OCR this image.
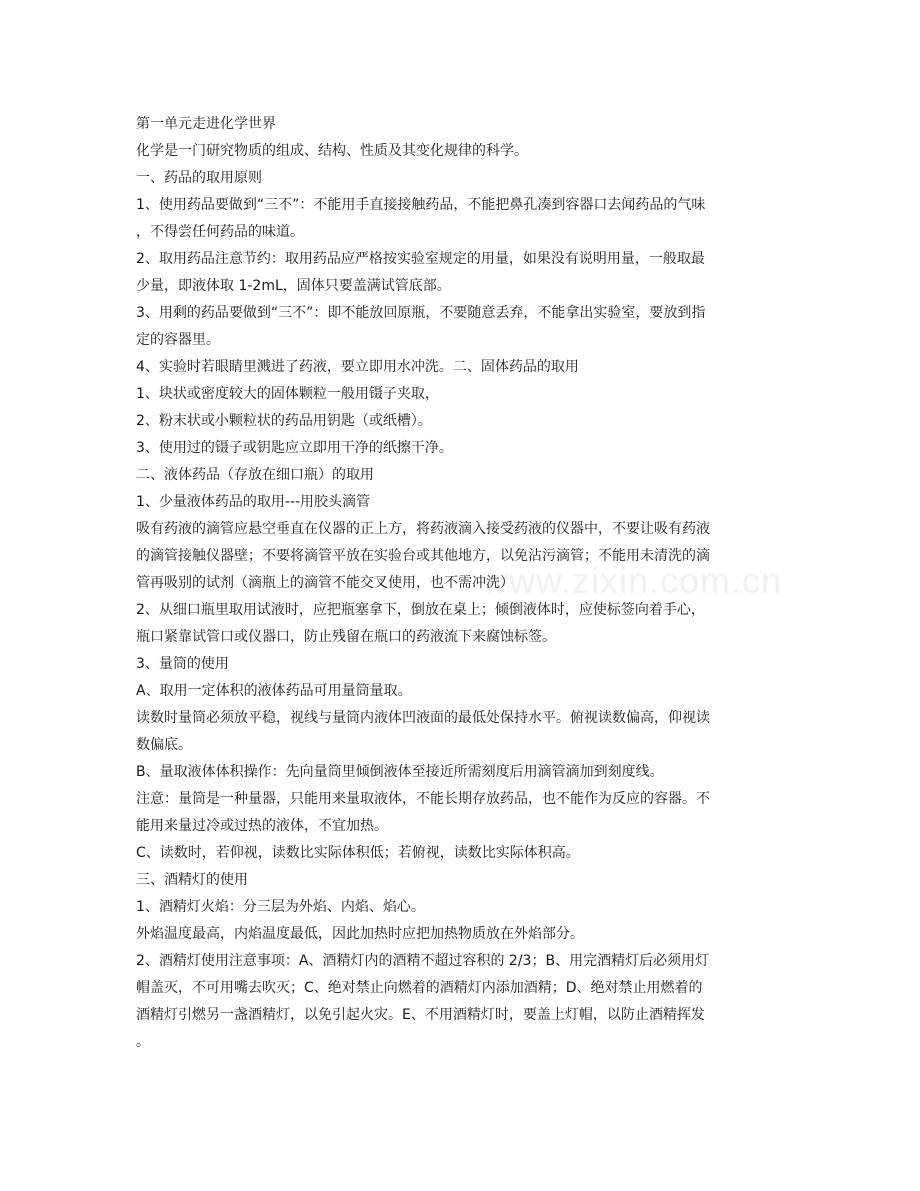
www.zixin.com.cn

第一单元走进化学世界

化学是一门研究物质的组成、结构、性质及其变化规律的科学。

一、药品的取用原则

1、使用药品要做到“三不”：不能用手直接接触药品，不能把鼻孔凑到容器口去闻药品的气味

，不得尝任何药品的味道。

2、取用药品注意节约：取用药品应严格按实验室规定的用量，如果没有说明用量，一般取最

少量，即液体取 1-2mL，固体只要盖满试管底部。

3、用剩的药品要做到“三不”：即不能放回原瓶，不要随意丢弃，不能拿出实验室，要放到指

定的容器里。

4、实验时若眼睛里溅进了药液，要立即用水冲洗。二、固体药品的取用

1、块状或密度较大的固体颗粒一般用镊子夹取，

2、粉末状或小颗粒状的药品用钥匙（或纸槽）。

3、使用过的镊子或钥匙应立即用干净的纸擦干净。

二、液体药品（存放在细口瓶）的取用

1、少量液体药品的取用---用胶头滴管

吸有药液的滴管应悬空垂直在仪器的正上方，将药液滴入接受药液的仪器中，不要让吸有药液

的滴管接触仪器壁；不要将滴管平放在实验台或其他地方，以免沾污滴管；不能用未清洗的滴

管再吸别的试剂（滴瓶上的滴管不能交叉使用，也不需冲洗）

2、从细口瓶里取用试液时，应把瓶塞拿下，倒放在桌上；倾倒液体时，应使标签向着手心，

瓶口紧靠试管口或仪器口，防止残留在瓶口的药液流下来腐蚀标签。

3、量筒的使用

A、取用一定体积的液体药品可用量筒量取。

读数时量筒必须放平稳，视线与量筒内液体凹液面的最低处保持水平。俯视读数偏高，仰视读

数偏底。

B、量取液体体积操作：先向量筒里倾倒液体至接近所需刻度后用滴管滴加到刻度线。

注意：量筒是一种量器，只能用来量取液体，不能长期存放药品，也不能作为反应的容器。不

能用来量过冷或过热的液体，不宜加热。

C、读数时，若仰视，读数比实际体积低；若俯视，读数比实际体积高。

三、酒精灯的使用

1、酒精灯火焰：分三层为外焰、内焰、焰心。

外焰温度最高，内焰温度最低，因此加热时应把加热物质放在外焰部分。

2、酒精灯使用注意事项：A、酒精灯内的酒精不超过容积的 2/3；B、用完酒精灯后必须用灯

帽盖灭，不可用嘴去吹灭；C、绝对禁止向燃着的酒精灯内添加酒精；D、绝对禁止用燃着的

酒精灯引燃另一盏酒精灯，以免引起火灾。E、不用酒精灯时，要盖上灯帽，以防止酒精挥发

。
